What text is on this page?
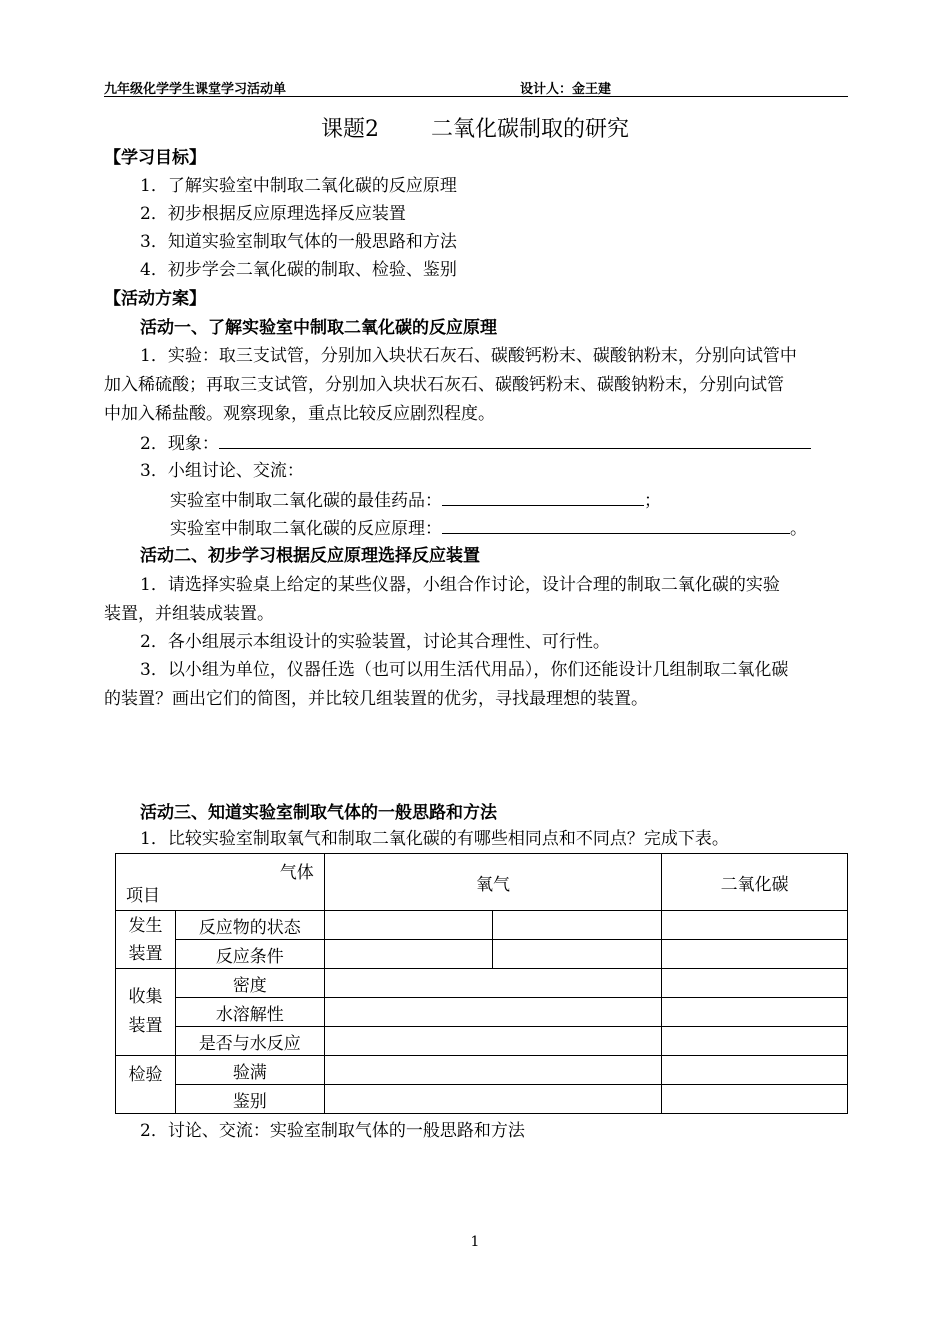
九年级化学学生课堂学习活动单	设计人：金王建
课题2 二氧化碳制取的研究
【学习目标】
1．了解实验室中制取二氧化碳的反应原理
2．初步根据反应原理选择反应装置
3．知道实验室制取气体的一般思路和方法
4．初步学会二氧化碳的制取、检验、鉴别
【活动方案】
活动一、了解实验室中制取二氧化碳的反应原理
1．实验：取三支试管，分别加入块状石灰石、碳酸钙粉末、碳酸钠粉末，分别向试管中
加入稀硫酸；再取三支试管，分别加入块状石灰石、碳酸钙粉末、碳酸钠粉末，分别向试管
中加入稀盐酸。观察现象，重点比较反应剧烈程度。
2．现象：
3．小组讨论、交流：
实验室中制取二氧化碳的最佳药品：	；
实验室中制取二氧化碳的反应原理：	。
活动二、初步学习根据反应原理选择反应装置
1．请选择实验桌上给定的某些仪器，小组合作讨论，设计合理的制取二氧化碳的实验
装置，并组装成装置。
2．各小组展示本组设计的实验装置，讨论其合理性、可行性。
3．以小组为单位，仪器任选（也可以用生活代用品），你们还能设计几组制取二氧化碳
的装置？画出它们的简图，并比较几组装置的优劣，寻找最理想的装置。
活动三、知道实验室制取气体的一般思路和方法
1．比较实验室制取氧气和制取二氧化碳的有哪些相同点和不同点？完成下表。
气体
项目		氧气		二氧化碳

发生
装置	反应物的状态			
	反应条件			

收集
装置	密度			
	水溶解性			
	是否与水反应			
检验	验满			
	鉴别			
2．讨论、交流：实验室制取气体的一般思路和方法
1
